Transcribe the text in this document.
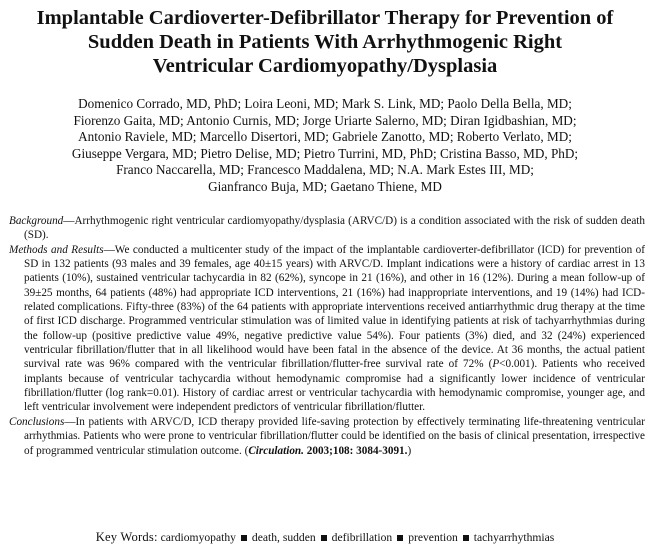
Implantable Cardioverter-Defibrillator Therapy for Prevention of
Sudden Death in Patients With Arrhythmogenic Right
Ventricular Cardiomyopathy/Dysplasia
Domenico Corrado, MD, PhD; Loira Leoni, MD; Mark S. Link, MD; Paolo Della Bella, MD;
Fiorenzo Gaita, MD; Antonio Curnis, MD; Jorge Uriarte Salerno, MD; Diran Igidbashian, MD;
Antonio Raviele, MD; Marcello Disertori, MD; Gabriele Zanotto, MD; Roberto Verlato, MD;
Giuseppe Vergara, MD; Pietro Delise, MD; Pietro Turrini, MD, PhD; Cristina Basso, MD, PhD;
Franco Naccarella, MD; Francesco Maddalena, MD; N.A. Mark Estes III, MD;
Gianfranco Buja, MD; Gaetano Thiene, MD

Background—Arrhythmogenic right ventricular cardiomyopathy/dysplasia (ARVC/D) is a condition associated with the risk of sudden death (SD).

Methods and Results—We conducted a multicenter study of the impact of the implantable cardioverter-defibrillator (ICD) for prevention of SD in 132 patients (93 males and 39 females, age 40±15 years) with ARVC/D. Implant indications were a history of cardiac arrest in 13 patients (10%), sustained ventricular tachycardia in 82 (62%), syncope in 21 (16%), and other in 16 (12%). During a mean follow-up of 39±25 months, 64 patients (48%) had appropriate ICD interventions, 21 (16%) had inappropriate interventions, and 19 (14%) had ICD-related complications. Fifty-three (83%) of the 64 patients with appropriate interventions received antiarrhythmic drug therapy at the time of first ICD discharge. Programmed ventricular stimulation was of limited value in identifying patients at risk of tachyarrhythmias during the follow-up (positive predictive value 49%, negative predictive value 54%). Four patients (3%) died, and 32 (24%) experienced ventricular fibrillation/flutter that in all likelihood would have been fatal in the absence of the device. At 36 months, the actual patient survival rate was 96% compared with the ventricular fibrillation/flutter-free survival rate of 72% (P<0.001). Patients who received implants because of ventricular tachycardia without hemodynamic compromise had a significantly lower incidence of ventricular fibrillation/flutter (log rank=0.01). History of cardiac arrest or ventricular tachycardia with hemodynamic compromise, younger age, and left ventricular involvement were independent predictors of ventricular fibrillation/flutter.

Conclusions—In patients with ARVC/D, ICD therapy provided life-saving protection by effectively terminating life-threatening ventricular arrhythmias. Patients who were prone to ventricular fibrillation/flutter could be identified on the basis of clinical presentation, irrespective of programmed ventricular stimulation outcome. (Circulation. 2003;108: 3084-3091.)

Key Words: cardiomyopathy death, sudden defibrillation prevention tachyarrhythmias
